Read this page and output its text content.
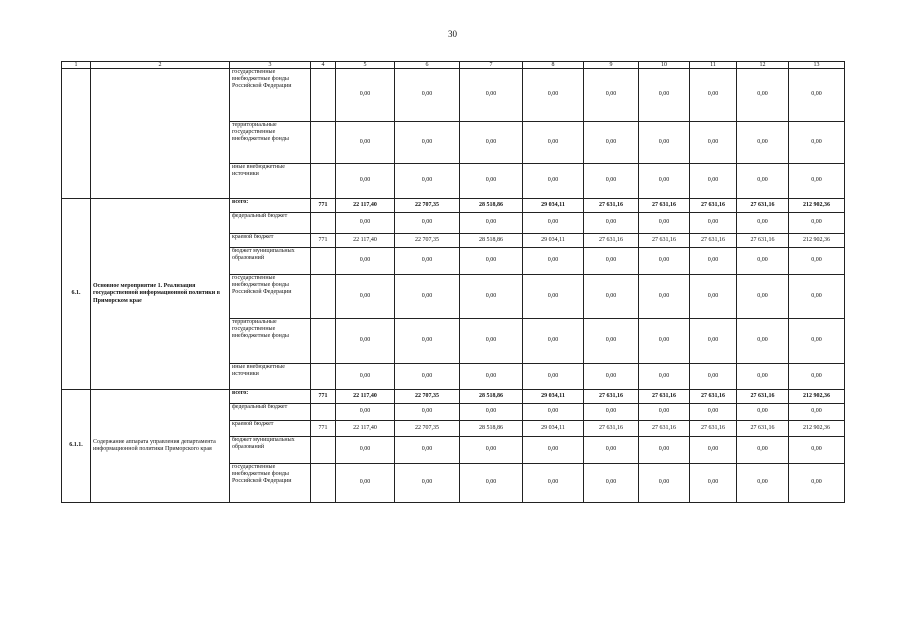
30
1	2	3	4	5	6	7	8	9	10	11	12	13
		государственные внебюджетные фонды Российской Федерации		0,00	0,00	0,00	0,00	0,00	0,00	0,00	0,00	0,00
		территориальные государственные внебюджетные фонды		0,00	0,00	0,00	0,00	0,00	0,00	0,00	0,00	0,00
		иные внебюджетные источники		0,00	0,00	0,00	0,00	0,00	0,00	0,00	0,00	0,00
6.1.	Основное мероприятие 1. Реализация государственной информационной политики в Приморском крае	всего:	771	22 117,40	22 707,35	28 518,86	29 034,11	27 631,16	27 631,16	27 631,16	27 631,16	212 902,36
		федеральный бюджет		0,00	0,00	0,00	0,00	0,00	0,00	0,00	0,00	0,00
		краевой бюджет	771	22 117,40	22 707,35	28 518,86	29 034,11	27 631,16	27 631,16	27 631,16	27 631,16	212 902,36
		бюджет муниципальных образований		0,00	0,00	0,00	0,00	0,00	0,00	0,00	0,00	0,00
		государственные внебюджетные фонды Российской Федерации		0,00	0,00	0,00	0,00	0,00	0,00	0,00	0,00	0,00
		территориальные государственные внебюджетные фонды		0,00	0,00	0,00	0,00	0,00	0,00	0,00	0,00	0,00
		иные внебюджетные источники		0,00	0,00	0,00	0,00	0,00	0,00	0,00	0,00	0,00
6.1.1.	Содержание аппарата управления департамента информационной политики Приморского края	всего:	771	22 117,40	22 707,35	28 518,86	29 034,11	27 631,16	27 631,16	27 631,16	27 631,16	212 902,36
		федеральный бюджет		0,00	0,00	0,00	0,00	0,00	0,00	0,00	0,00	0,00
		краевой бюджет	771	22 117,40	22 707,35	28 518,86	29 034,11	27 631,16	27 631,16	27 631,16	27 631,16	212 902,36
		бюджет муниципальных образований		0,00	0,00	0,00	0,00	0,00	0,00	0,00	0,00	0,00
		государственные внебюджетные фонды Российской Федерации		0,00	0,00	0,00	0,00	0,00	0,00	0,00	0,00	0,00
